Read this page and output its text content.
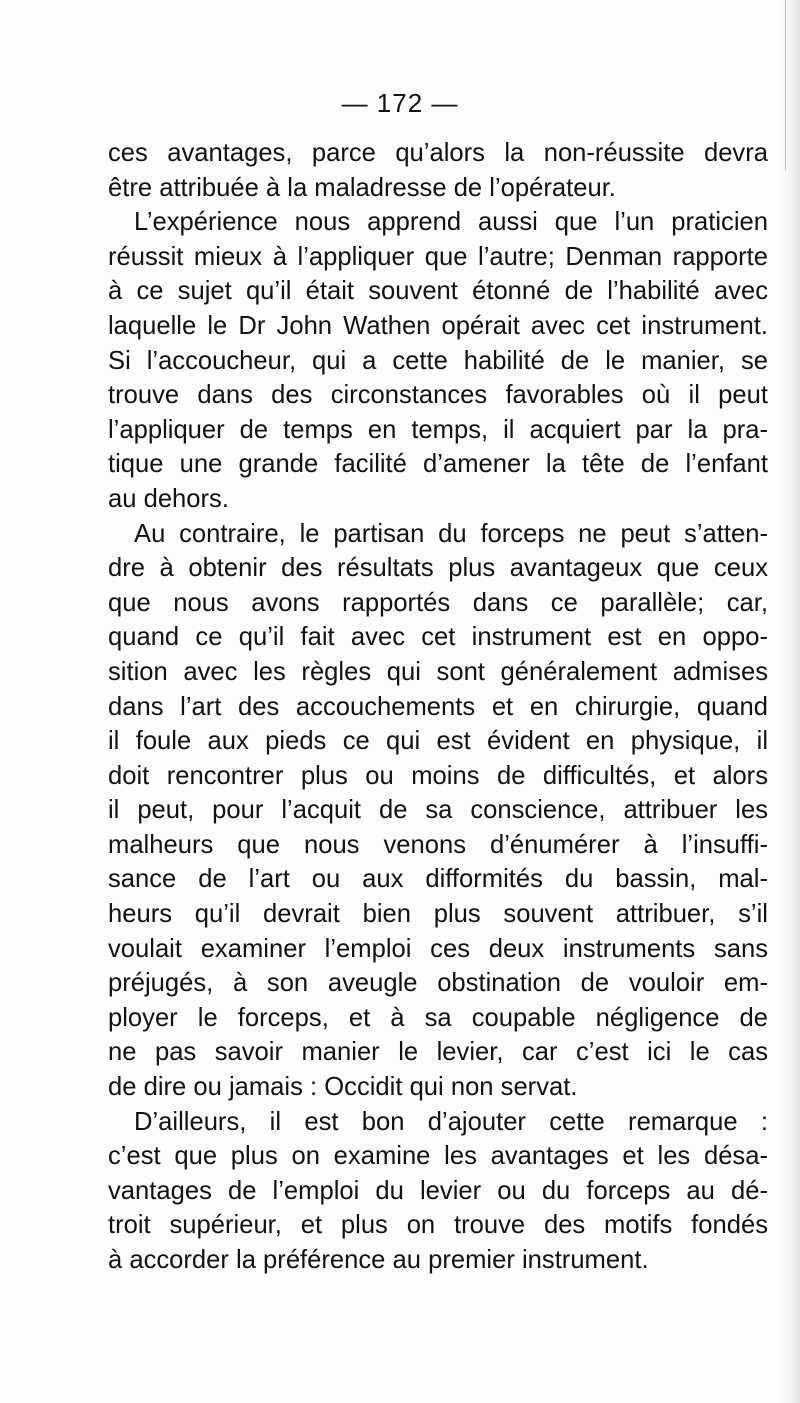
— 172 —
ces avantages, parce qu’alors la non-réussite devra
être attribuée à la maladresse de l’opérateur.
L’expérience nous apprend aussi que l’un praticien
réussit mieux à l’appliquer que l’autre; Denman rapporte
à ce sujet qu’il était souvent étonné de l’habilité avec
laquelle le Dr John Wathen opérait avec cet instrument.
Si l’accoucheur, qui a cette habilité de le manier, se
trouve dans des circonstances favorables où il peut
l’appliquer de temps en temps, il acquiert par la pra-
tique une grande facilité d’amener la tête de l’enfant
au dehors.
Au contraire, le partisan du forceps ne peut s’atten-
dre à obtenir des résultats plus avantageux que ceux
que nous avons rapportés dans ce parallèle; car,
quand ce qu’il fait avec cet instrument est en oppo-
sition avec les règles qui sont généralement admises
dans l’art des accouchements et en chirurgie, quand
il foule aux pieds ce qui est évident en physique, il
doit rencontrer plus ou moins de difficultés, et alors
il peut, pour l’acquit de sa conscience, attribuer les
malheurs que nous venons d’énumérer à l’insuffi-
sance de l’art ou aux difformités du bassin, mal-
heurs qu’il devrait bien plus souvent attribuer, s’il
voulait examiner l’emploi ces deux instruments sans
préjugés, à son aveugle obstination de vouloir em-
ployer le forceps, et à sa coupable négligence de
ne pas savoir manier le levier, car c’est ici le cas
de dire ou jamais : Occidit qui non servat.
D’ailleurs, il est bon d’ajouter cette remarque :
c’est que plus on examine les avantages et les désa-
vantages de l’emploi du levier ou du forceps au dé-
troit supérieur, et plus on trouve des motifs fondés
à accorder la préférence au premier instrument.
